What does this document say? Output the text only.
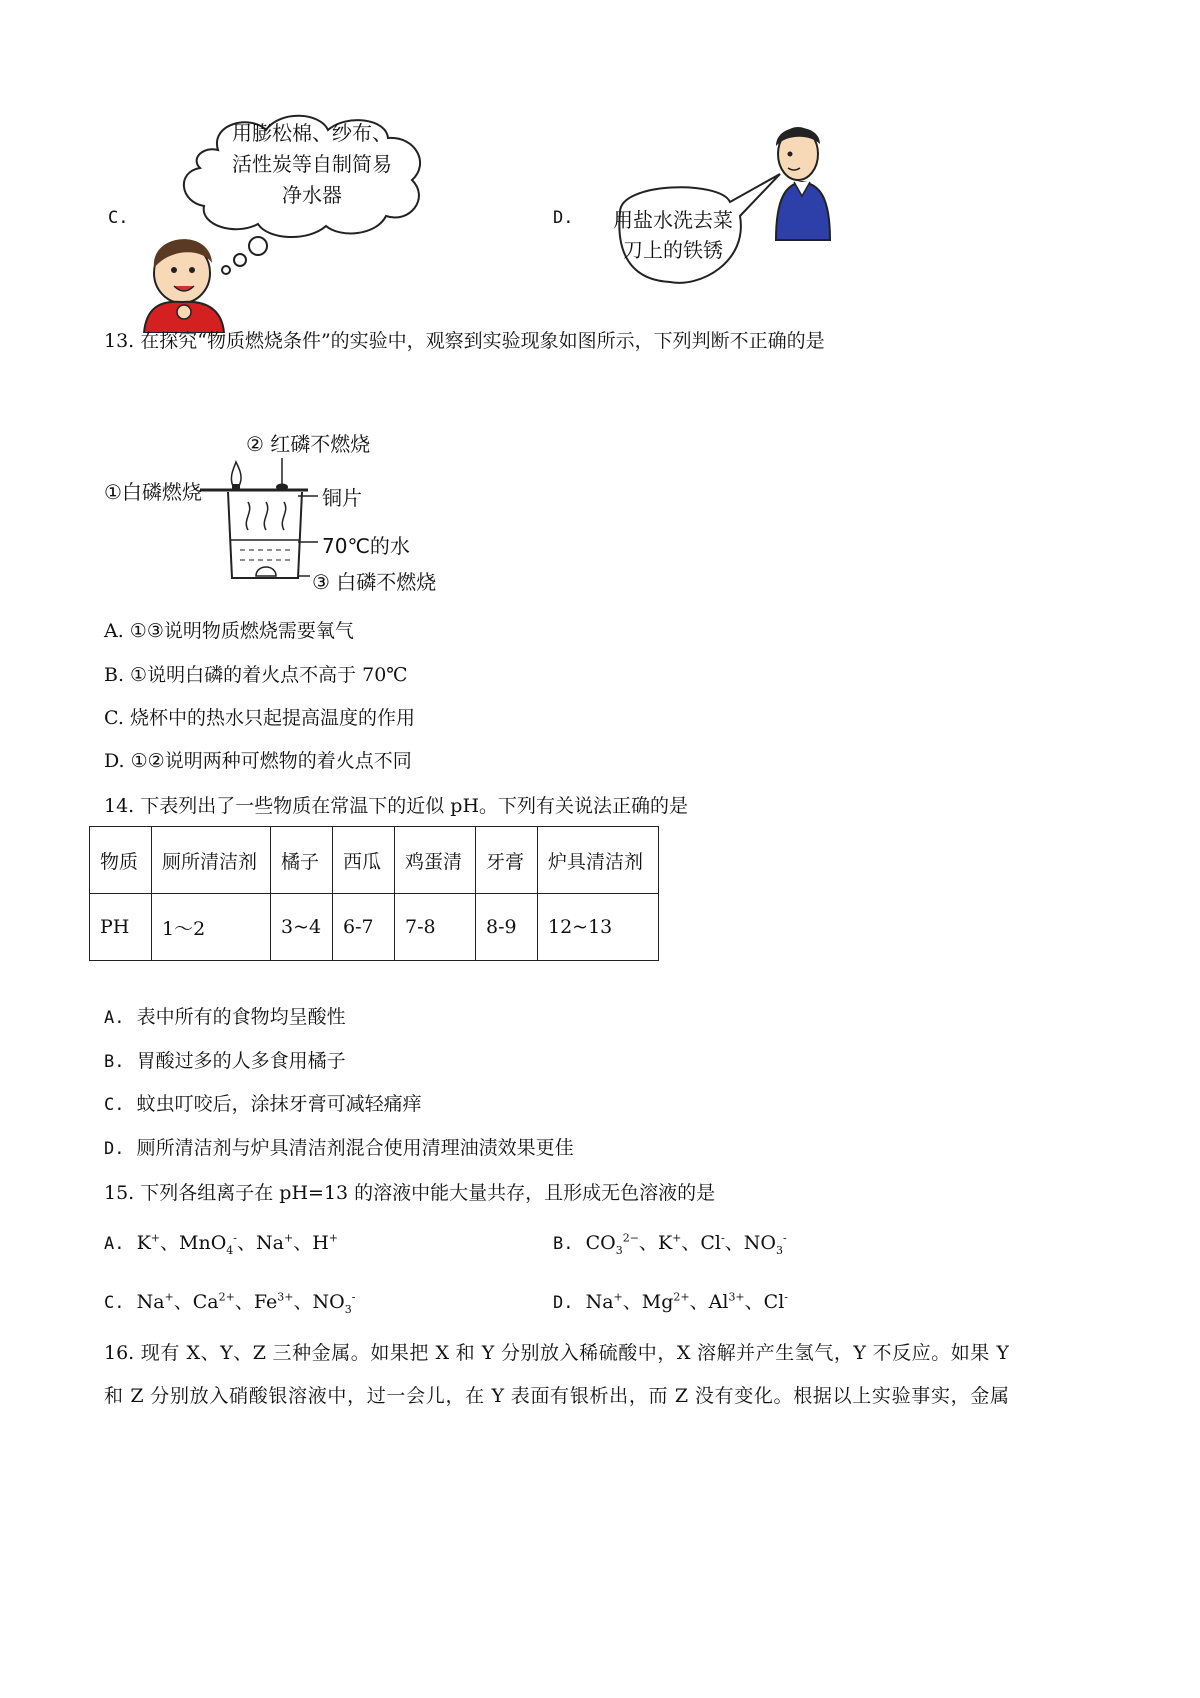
C.
用膨松棉、纱布、
活性炭等自制简易
净水器
D.	用盐水洗去菜
刀上的铁锈
13. 在探究“物质燃烧条件”的实验中，观察到实验现象如图所示，下列判断不正确的是
①白磷燃烧
② 红磷不燃烧
铜片
70℃的水
③ 白磷不燃烧
A. ①③说明物质燃烧需要氧气
B. ①说明白磷的着火点不高于 70℃
C. 烧杯中的热水只起提高温度的作用
D. ①②说明两种可燃物的着火点不同
14. 下表列出了一些物质在常温下的近似 pH。下列有关说法正确的是
物质	厕所清洁剂	橘子	西瓜	鸡蛋清	牙膏	炉具清洁剂
PH	1～2	3~4	6-7	7-8	8-9	12~13
A. 表中所有的食物均呈酸性
B. 胃酸过多的人多食用橘子
C. 蚊虫叮咬后，涂抹牙膏可减轻痛痒
D. 厕所清洁剂与炉具清洁剂混合使用清理油渍效果更佳
15. 下列各组离子在 pH=13 的溶液中能大量共存，且形成无色溶液的是
A. K+、MnO$_4$-、Na+、H+	B. $CO_3^{2-}$、K+、Cl-、$NO_3^-$
C. Na+、$Ca^{2+}$、$Fe^{3+}$、$NO_3^-$	D. Na+、$Mg^{2+}$、$Al^{3+}$、Cl-
16. 现有 X、Y、Z 三种金属。如果把 X 和 Y 分别放入稀硫酸中，X 溶解并产生氢气，Y 不反应。如果 Y
和 Z 分别放入硝酸银溶液中，过一会儿，在 Y 表面有银析出，而 Z 没有变化。根据以上实验事实，金属
